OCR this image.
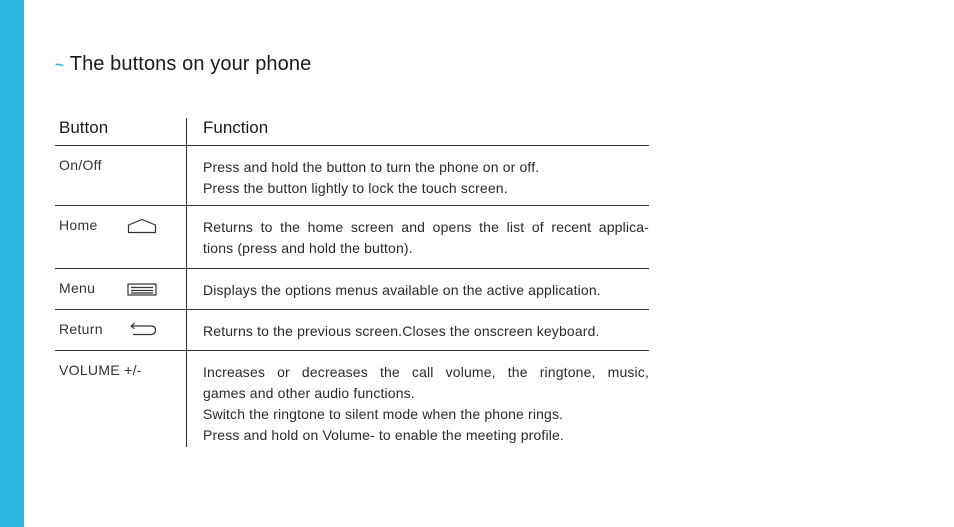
~ The buttons on your phone
Button	Function
On/Off	Press and hold the button to turn the phone on or off.
Press the button lightly to lock the touch screen.
Home	Returns to the home screen and opens the list of recent applica-
tions (press and hold the button).
Menu	Displays the options menus available on the active application.
Return	Returns to the previous screen.Closes the onscreen keyboard.
VOLUME +/-	Increases or decreases the call volume, the ringtone, music,
games and other audio functions.
Switch the ringtone to silent mode when the phone rings.
Press and hold on Volume- to enable the meeting profile.
